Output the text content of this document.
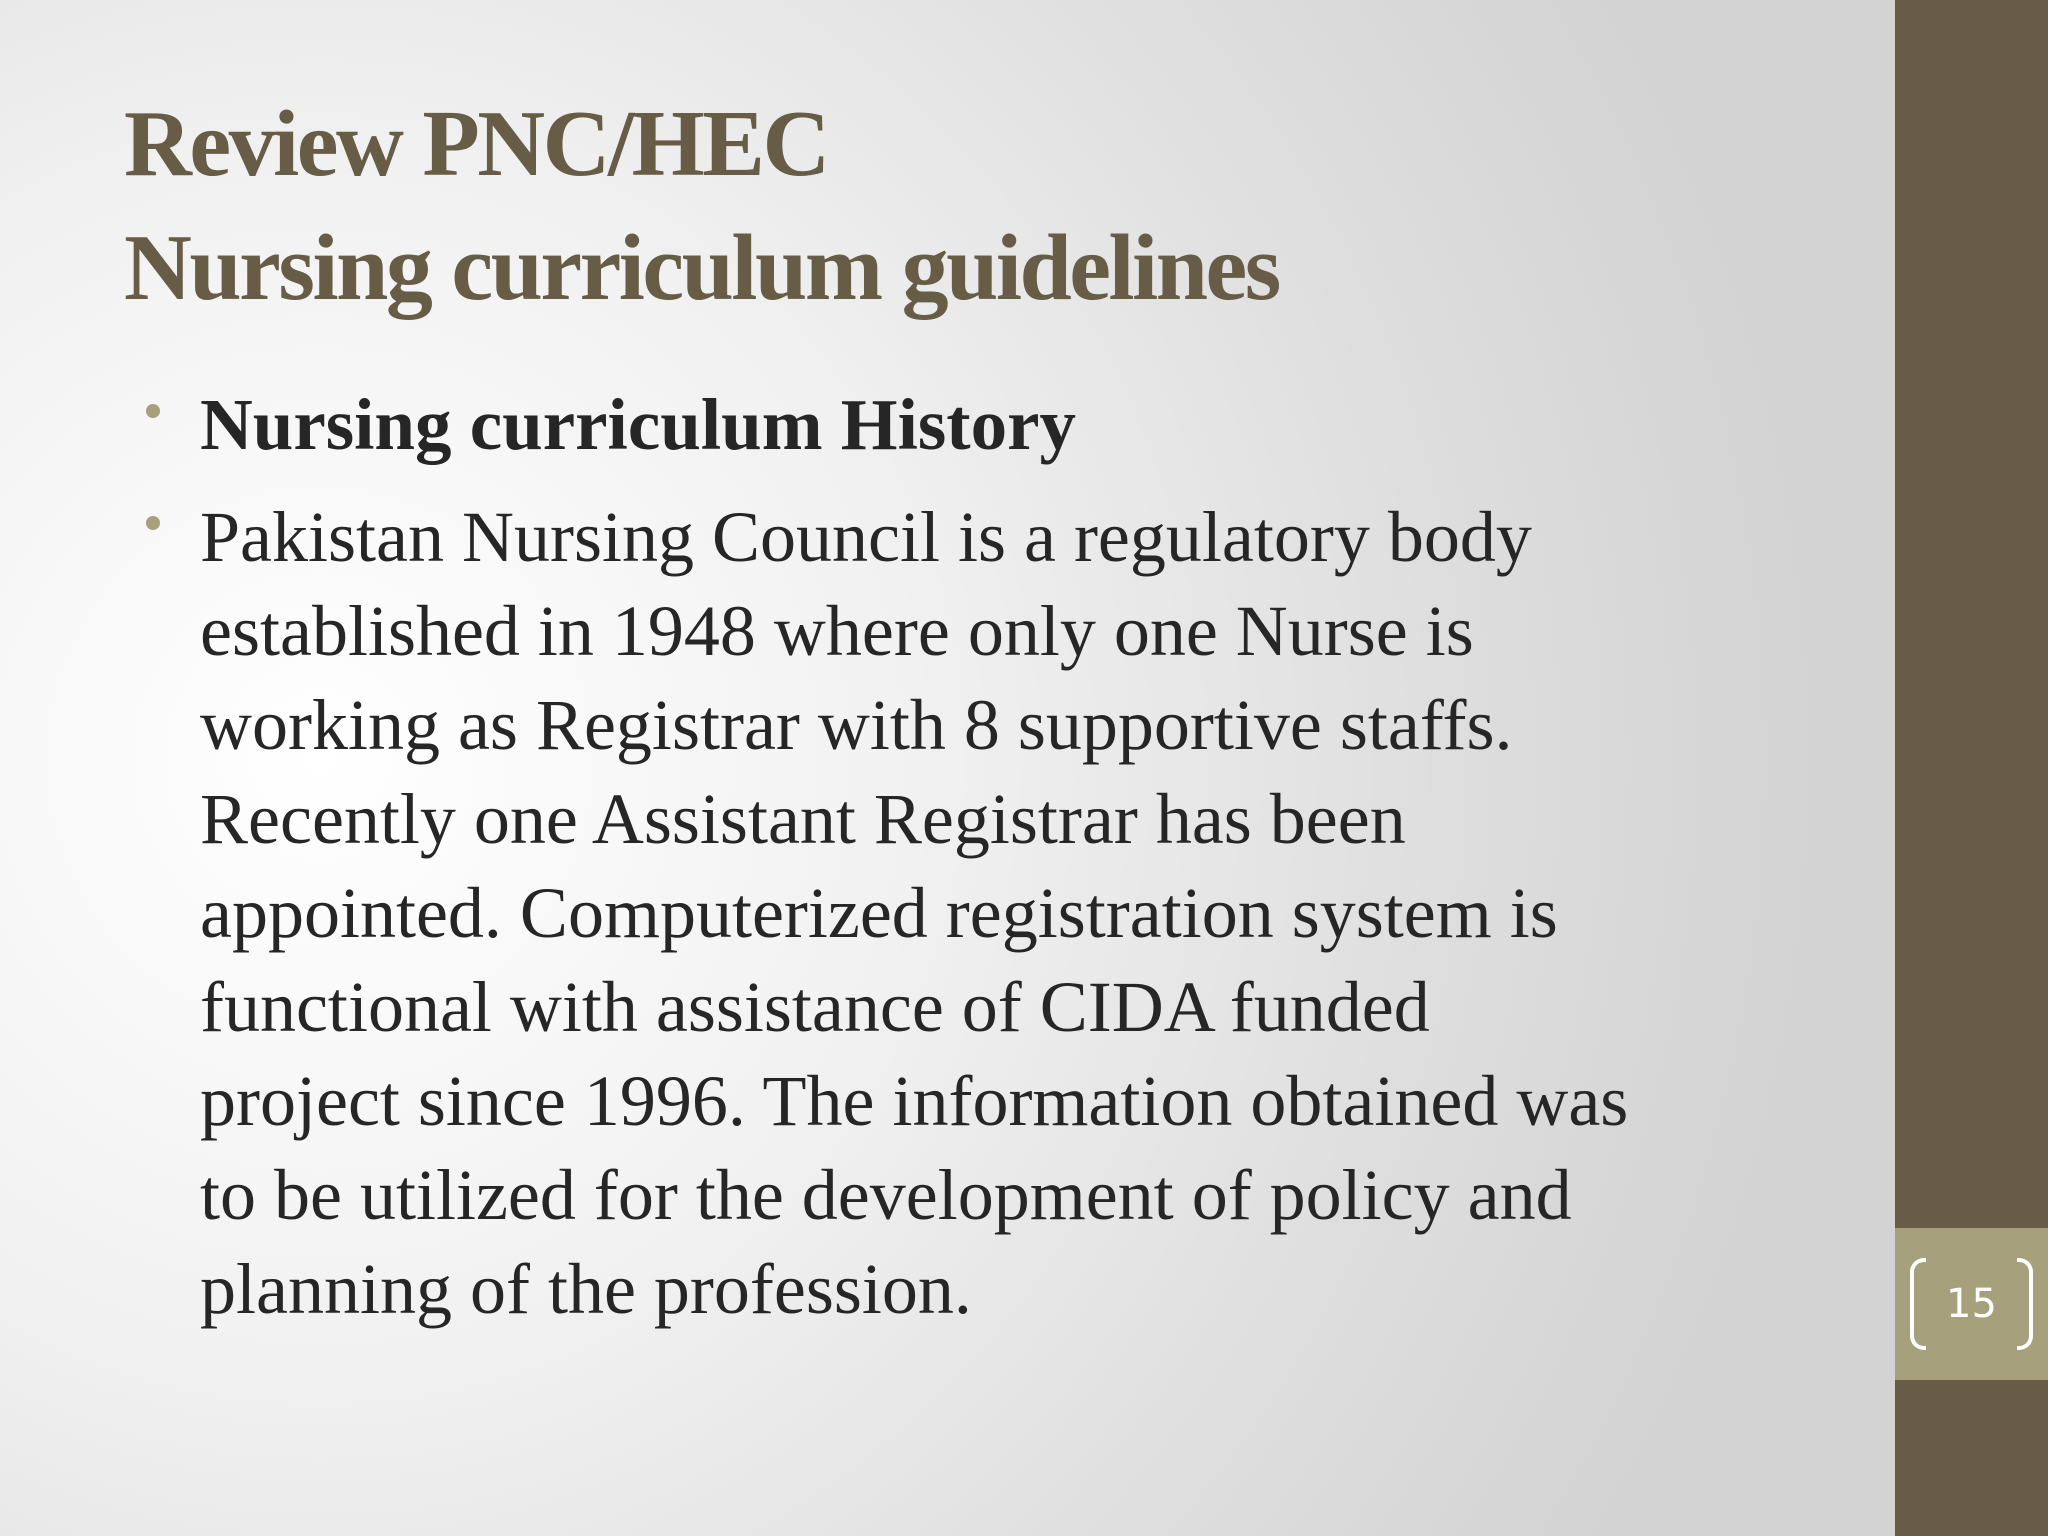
Review PNC/HEC
Nursing curriculum guidelines
Nursing curriculum History
Pakistan Nursing Council is a regulatory body
established in 1948 where only one Nurse is
working as Registrar with 8 supportive staffs.
Recently one Assistant Registrar has been
appointed. Computerized registration system is
functional with assistance of CIDA funded
project since 1996. The information obtained was
to be utilized for the development of policy and
planning of the profession.	15
